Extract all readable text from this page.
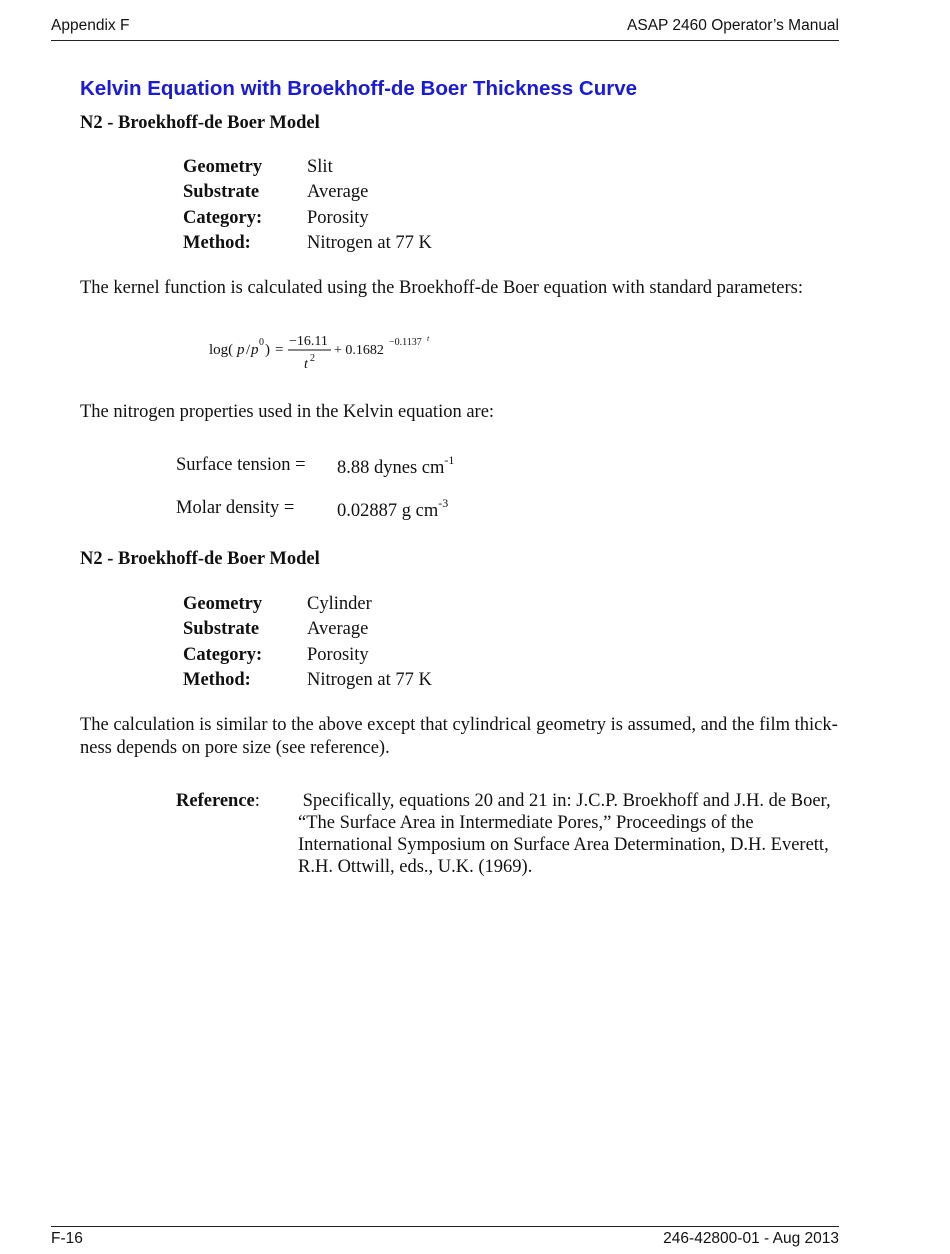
Appendix F	ASAP 2460 Operator’s Manual
Kelvin Equation with Broekhoff-de Boer Thickness Curve
N2 - Broekhoff-de Boer Model
Geometry Slit
Substrate	Average
Category: Porosity
Method:	Nitrogen at 77 K
The kernel function is calculated using the Broekhoff-de Boer equation with standard parameters:
log( p / p 0 ) =
−16.11
t 2
+ 0.1682
−0.1137 t
The nitrogen properties used in the Kelvin equation are:
Surface tension = 8.88 dynes $cm^{-1}$
Molar density = 0.02887 g $cm^{-3}$
N2 - Broekhoff-de Boer Model
Geometry Cylinder
Substrate	Average
Category: Porosity
Method:	Nitrogen at 77 K
The calculation is similar to the above except that cylindrical geometry is assumed, and the film thick-
ness depends on pore size (see reference).
Reference: Specifically, equations 20 and 21 in: J.C.P. Broekhoff and J.H. de Boer,
“The Surface Area in Intermediate Pores,” Proceedings of the
International Symposium on Surface Area Determination, D.H. Everett,
R.H. Ottwill, eds., U.K. (1969).
F-16	246-42800-01 - Aug 2013
